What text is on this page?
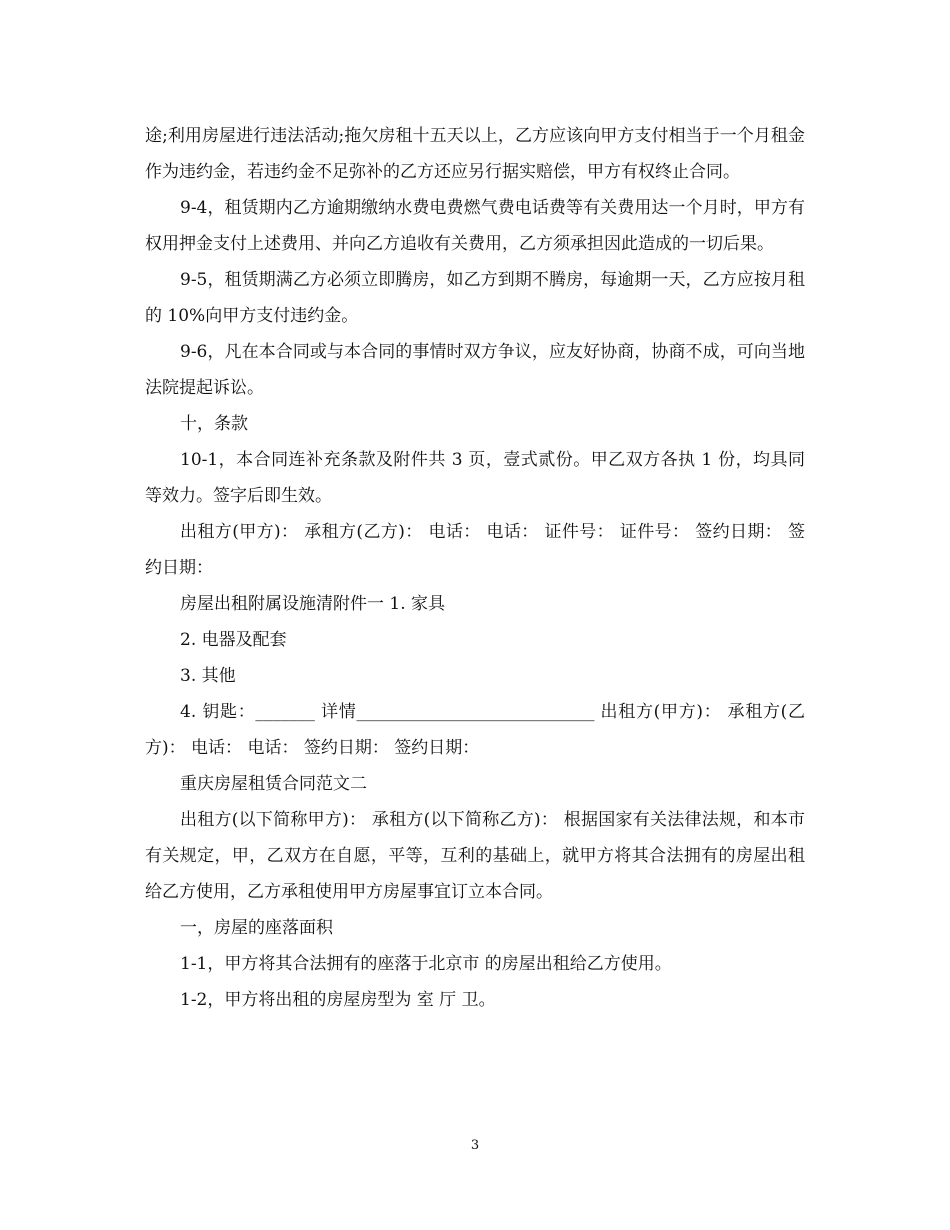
途;利用房屋进行违法活动;拖欠房租十五天以上，乙方应该向甲方支付相当于一个月租金作为违约金，若违约金不足弥补的乙方还应另行据实赔偿，甲方有权终止合同。

9-4，租赁期内乙方逾期缴纳水费电费燃气费电话费等有关费用达一个月时，甲方有权用押金支付上述费用、并向乙方追收有关费用，乙方须承担因此造成的一切后果。

9-5，租赁期满乙方必须立即腾房，如乙方到期不腾房，每逾期一天，乙方应按月租的 10%向甲方支付违约金。

9-6，凡在本合同或与本合同的事情时双方争议，应友好协商，协商不成，可向当地法院提起诉讼。

十，条款

10-1，本合同连补充条款及附件共 3 页，壹式贰份。甲乙双方各执 1 份，均具同等效力。签字后即生效。

出租方(甲方)： 承租方(乙方)： 电话： 电话： 证件号： 证件号： 签约日期： 签约日期：

房屋出租附属设施清附件一 1. 家具

2. 电器及配套

3. 其他

4. 钥匙：_______ 详情____________________________ 出租方(甲方)： 承租方(乙方)： 电话： 电话： 签约日期： 签约日期：

重庆房屋租赁合同范文二

出租方(以下简称甲方)： 承租方(以下简称乙方)： 根据国家有关法律法规，和本市有关规定，甲，乙双方在自愿，平等，互利的基础上，就甲方将其合法拥有的房屋出租给乙方使用，乙方承租使用甲方房屋事宜订立本合同。

一，房屋的座落面积

1-1，甲方将其合法拥有的座落于北京市 的房屋出租给乙方使用。

1-2，甲方将出租的房屋房型为 室 厅 卫。

3
